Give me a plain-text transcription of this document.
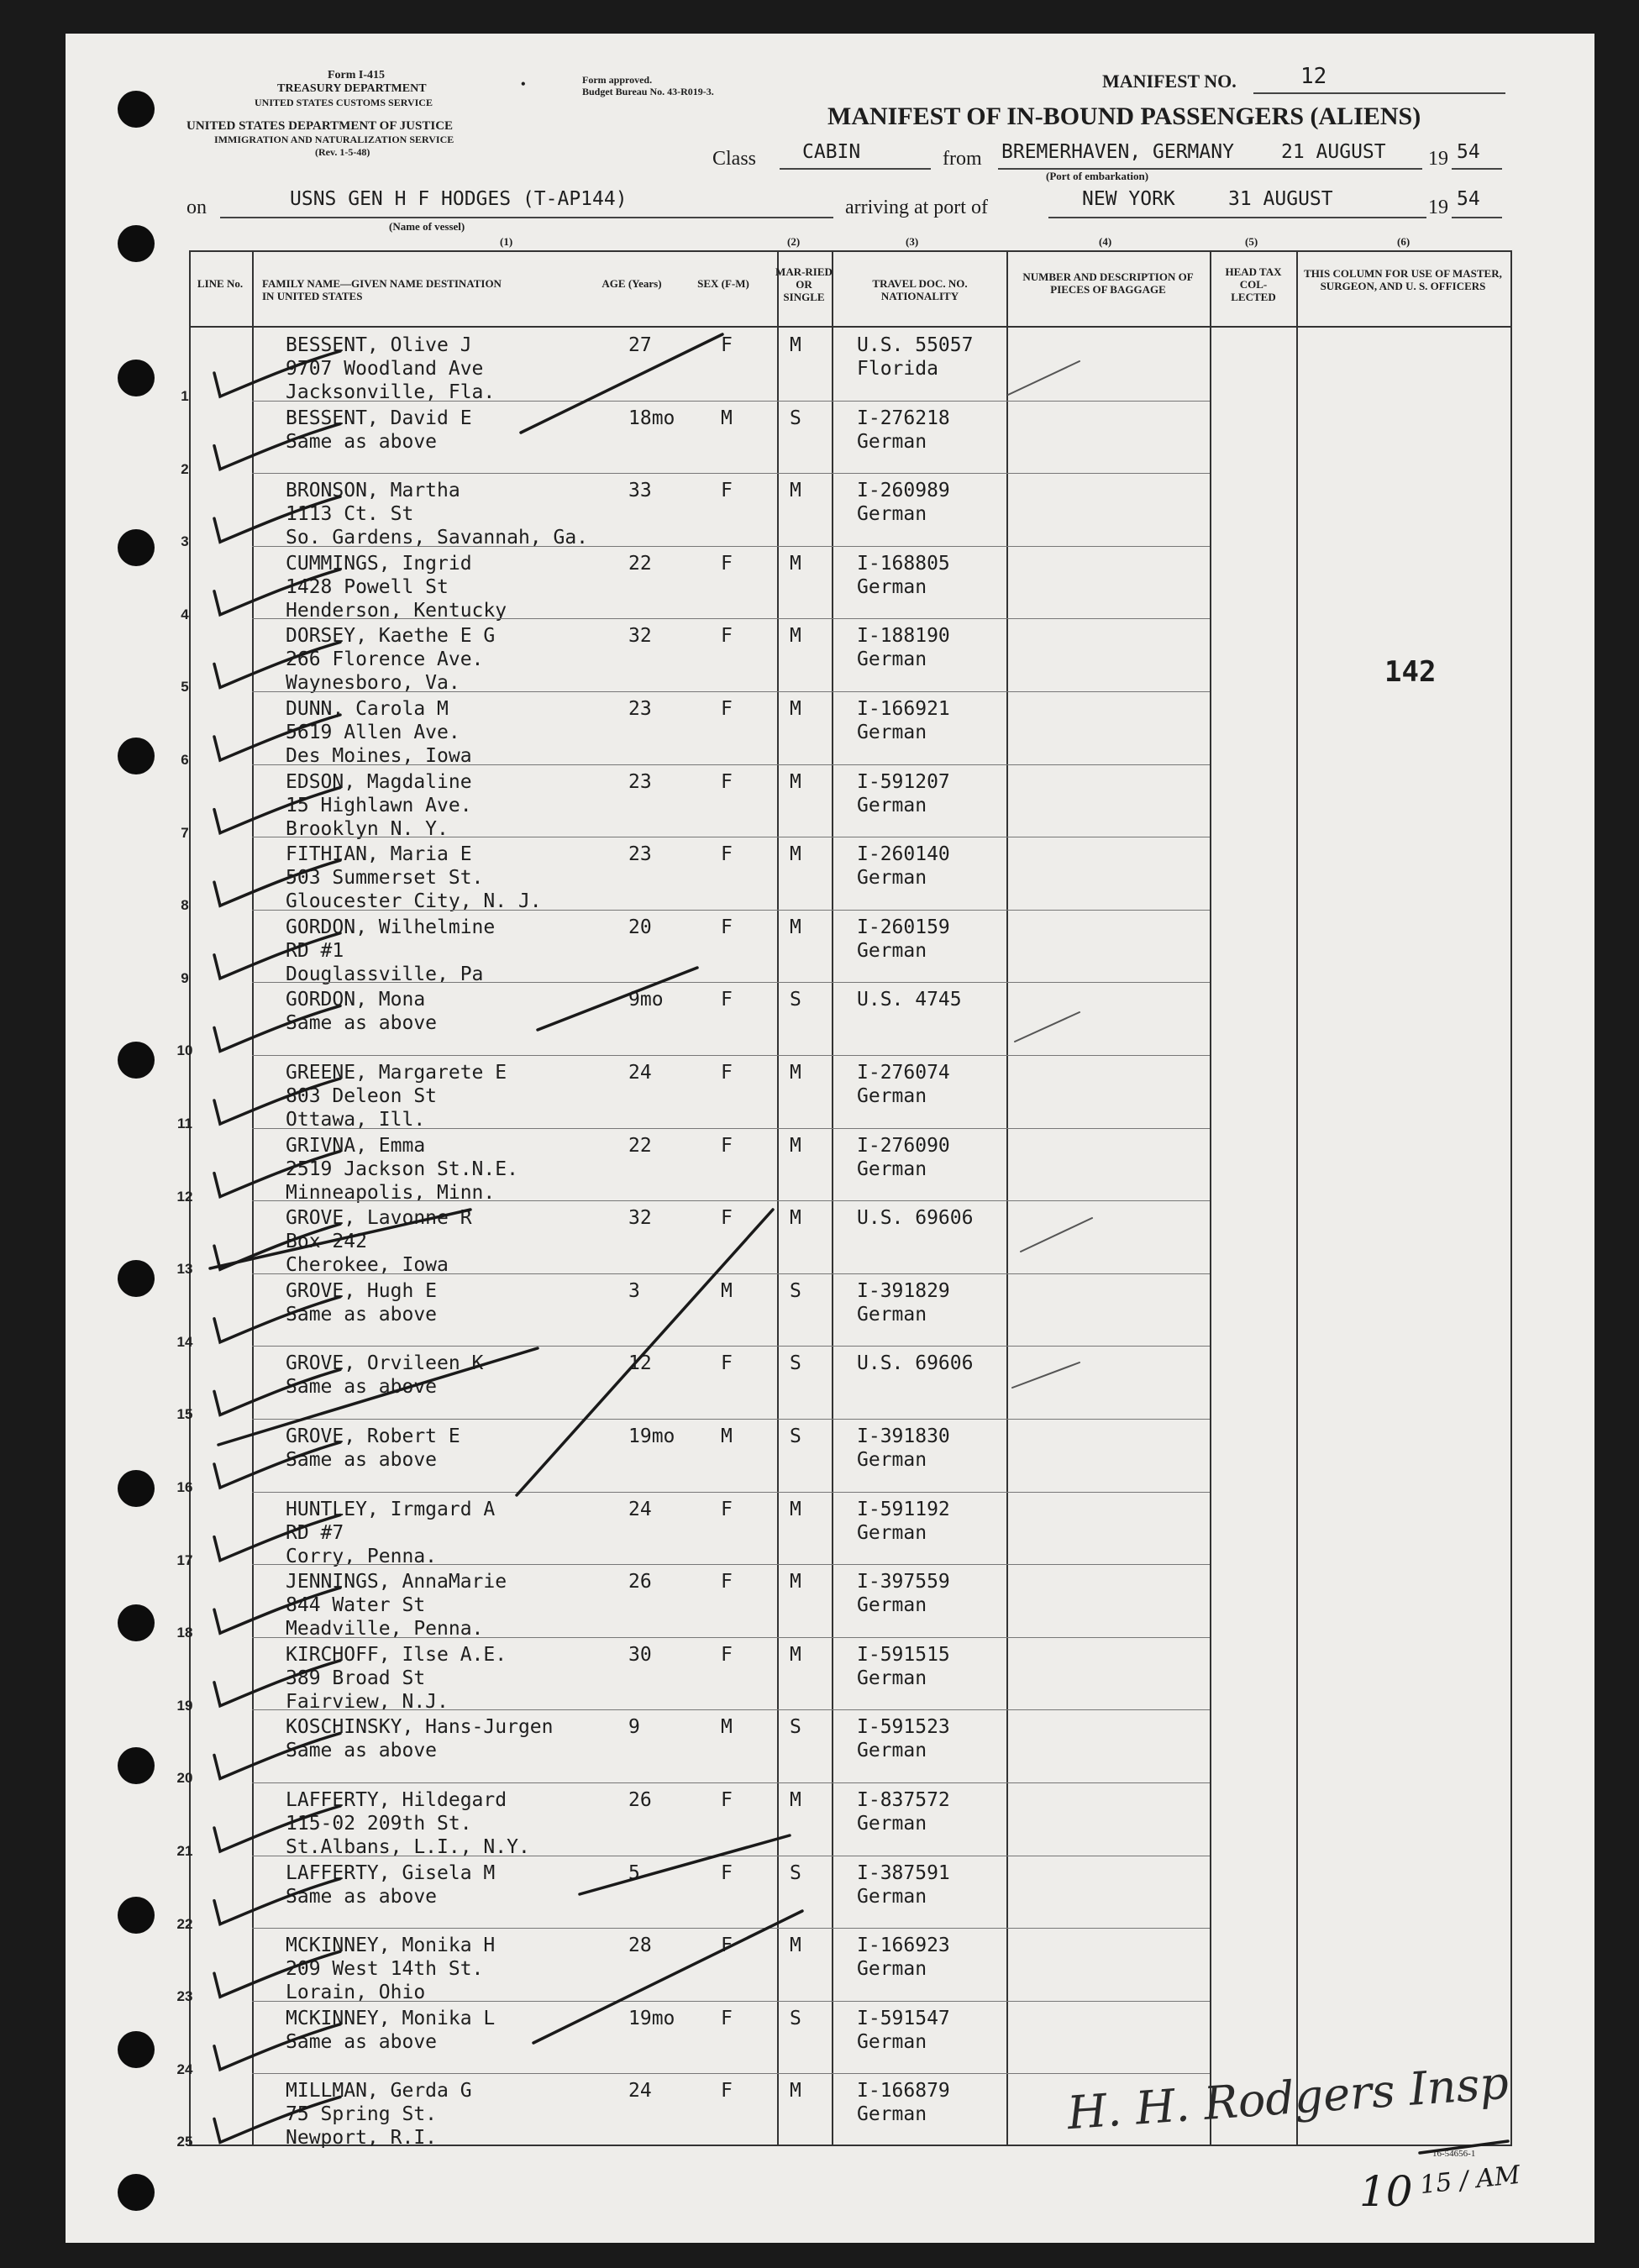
Form I-415
TREASURY DEPARTMENT
UNITED STATES CUSTOMS SERVICE
UNITED STATES DEPARTMENT OF JUSTICE
IMMIGRATION AND NATURALIZATION SERVICE
(Rev. 1-5-48)
Form approved.
Budget Bureau No. 43-R019-3.
•	MANIFEST NO.	12
MANIFEST OF IN-BOUND PASSENGERS (ALIENS)
Class CABIN	from BREMERHAVEN, GERMANY 21 AUGUST 19 54
(Port of embarkation)
on	USNS GEN H F HODGES (T-AP144)
(Name of vessel)
arriving at port of	NEW YORK	31 AUGUST	19 54
(1)	(2)	(3)	(4)	(5)	(6)
LINE No. FAMILY NAME—GIVEN NAME DESTINATION IN UNITED STATES
AGE (Years)	SEX (F-M)
MAR-RIED OR SINGLE
TRAVEL DOC. NO. NATIONALITY
NUMBER AND DESCRIPTION OF PIECES OF BAGGAGE
HEAD TAX COL-LECTED
THIS COLUMN FOR USE OF MASTER, SURGEON, AND U. S. OFFICERS
1
BESSENT, Olive J
9707 Woodland Ave
Jacksonville, Fla.
27	F	M	U.S. 55057
Florida
2
BESSENT, David E
Same as above
18mo M	S	I-276218
German
3
BRONSON, Martha
1113 Ct. St
So. Gardens, Savannah, Ga.
33	F	M	I-260989
German
4
CUMMINGS, Ingrid
1428 Powell St
Henderson, Kentucky
22	F	M	I-168805
German
5
DORSEY, Kaethe E G
266 Florence Ave.
Waynesboro, Va.
32	F	M	I-188190
German
6
DUNN, Carola M
5619 Allen Ave.
Des Moines, Iowa
23	F	M	I-166921
German
7
EDSON, Magdaline
15 Highlawn Ave.
Brooklyn N. Y.
23	F	M	I-591207
German
8
FITHIAN, Maria E
503 Summerset St.
Gloucester City, N. J.
23	F	M	I-260140
German
9
GORDON, Wilhelmine
RD #1
Douglassville, Pa
20	F	M	I-260159
German
10
GORDON, Mona
Same as above
9mo	F	S	U.S. 4745
11
GREENE, Margarete E
803 Deleon St
Ottawa, Ill.
24	F	M	I-276074
German
12
GRIVNA, Emma
2519 Jackson St.N.E.
Minneapolis, Minn.
22	F	M	I-276090
German
13
GROVE, Lavonne R
Box 242
Cherokee, Iowa
32	F	M	U.S. 69606
14
GROVE, Hugh E
Same as above
3	M	S	I-391829
German
15
GROVE, Orvileen K
Same as above
12	F	S	U.S. 69606
16
GROVE, Robert E
Same as above
19mo M	S	I-391830
German
17
HUNTLEY, Irmgard A
RD #7
Corry, Penna.
24	F	M	I-591192
German
18
JENNINGS, AnnaMarie
844 Water St
Meadville, Penna.
26	F	M	I-397559
German
19
KIRCHOFF, Ilse A.E.
389 Broad St
Fairview, N.J.
30	F	M	I-591515
German
20
KOSCHINSKY, Hans-Jurgen
Same as above
9	M	S	I-591523
German
21
LAFFERTY, Hildegard
115-02 209th St.
St.Albans, L.I., N.Y.
26	F	M	I-837572
German
22
LAFFERTY, Gisela M
Same as above
5	F	S	I-387591
German
23
MCKINNEY, Monika H
209 West 14th St.
Lorain, Ohio
28	F	M	I-166923
German
24
MCKINNEY, Monika L
Same as above
19mo F	S	I-591547
German
25
MILLMAN, Gerda G
75 Spring St.
Newport, R.I.
24	F	M	I-166879
German
142
16-54656-1
H. H. Rodgers Insp
10 15 / AM
